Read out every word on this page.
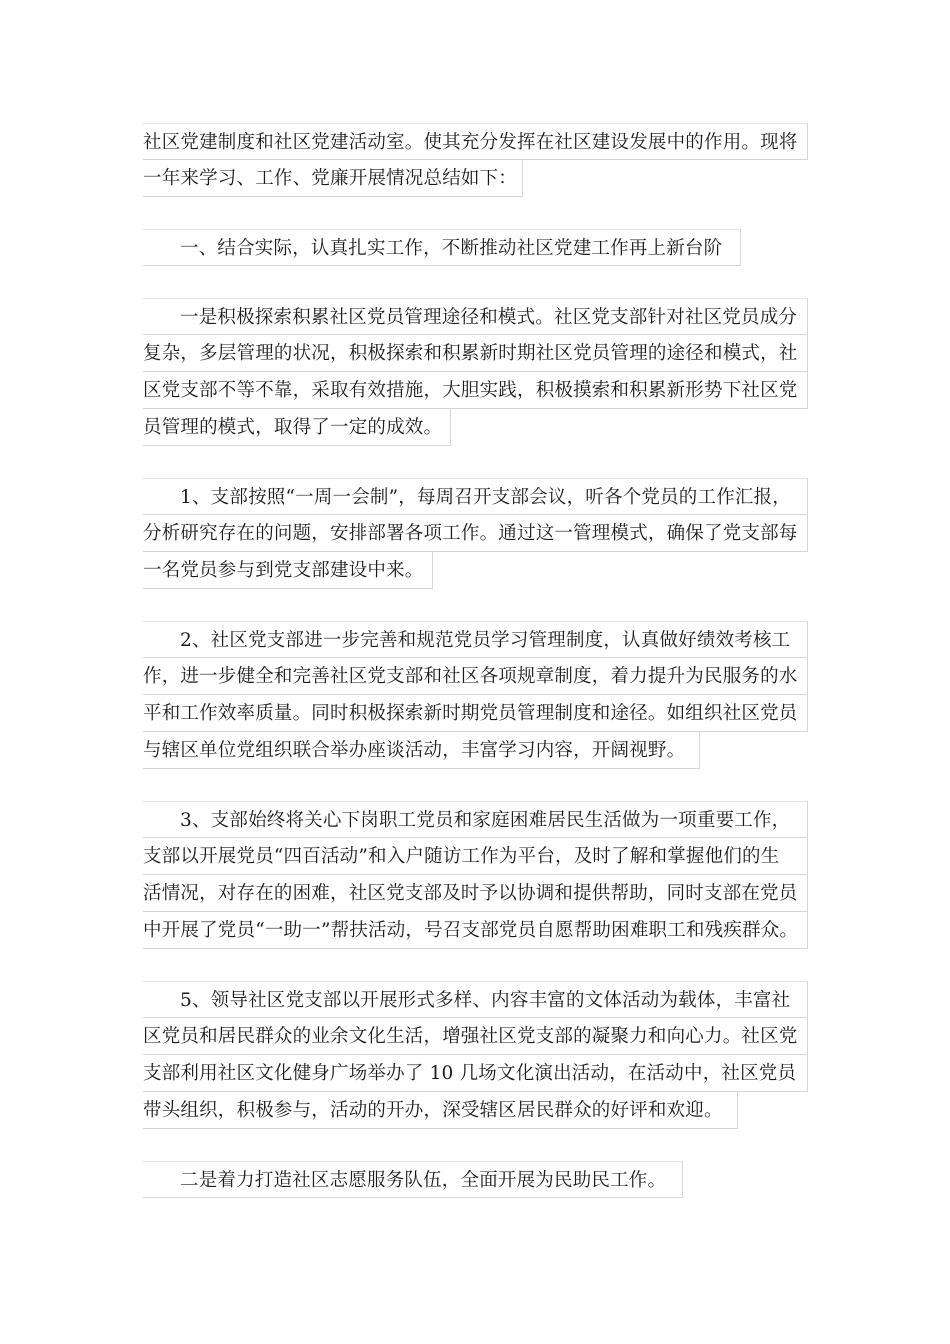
社区党建制度和社区党建活动室。使其充分发挥在社区建设发展中的作用。现将
一年来学习、工作、党廉开展情况总结如下：
一、结合实际，认真扎实工作，不断推动社区党建工作再上新台阶
一是积极探索积累社区党员管理途径和模式。社区党支部针对社区党员成分
复杂，多层管理的状况，积极探索和积累新时期社区党员管理的途径和模式，社
区党支部不等不靠，采取有效措施，大胆实践，积极摸索和积累新形势下社区党
员管理的模式，取得了一定的成效。
1、支部按照“一周一会制”，每周召开支部会议，听各个党员的工作汇报，
分析研究存在的问题，安排部署各项工作。通过这一管理模式，确保了党支部每
一名党员参与到党支部建设中来。
2、社区党支部进一步完善和规范党员学习管理制度，认真做好绩效考核工
作，进一步健全和完善社区党支部和社区各项规章制度，着力提升为民服务的水
平和工作效率质量。同时积极探索新时期党员管理制度和途径。如组织社区党员
与辖区单位党组织联合举办座谈活动，丰富学习内容，开阔视野。
3、支部始终将关心下岗职工党员和家庭困难居民生活做为一项重要工作，
支部以开展党员“四百活动”和入户随访工作为平台，及时了解和掌握他们的生
活情况，对存在的困难，社区党支部及时予以协调和提供帮助，同时支部在党员
中开展了党员“一助一”帮扶活动，号召支部党员自愿帮助困难职工和残疾群众。
5、领导社区党支部以开展形式多样、内容丰富的文体活动为载体，丰富社
区党员和居民群众的业余文化生活，增强社区党支部的凝聚力和向心力。社区党
支部利用社区文化健身广场举办了 10 几场文化演出活动，在活动中，社区党员
带头组织，积极参与，活动的开办，深受辖区居民群众的好评和欢迎。
二是着力打造社区志愿服务队伍，全面开展为民助民工作。
